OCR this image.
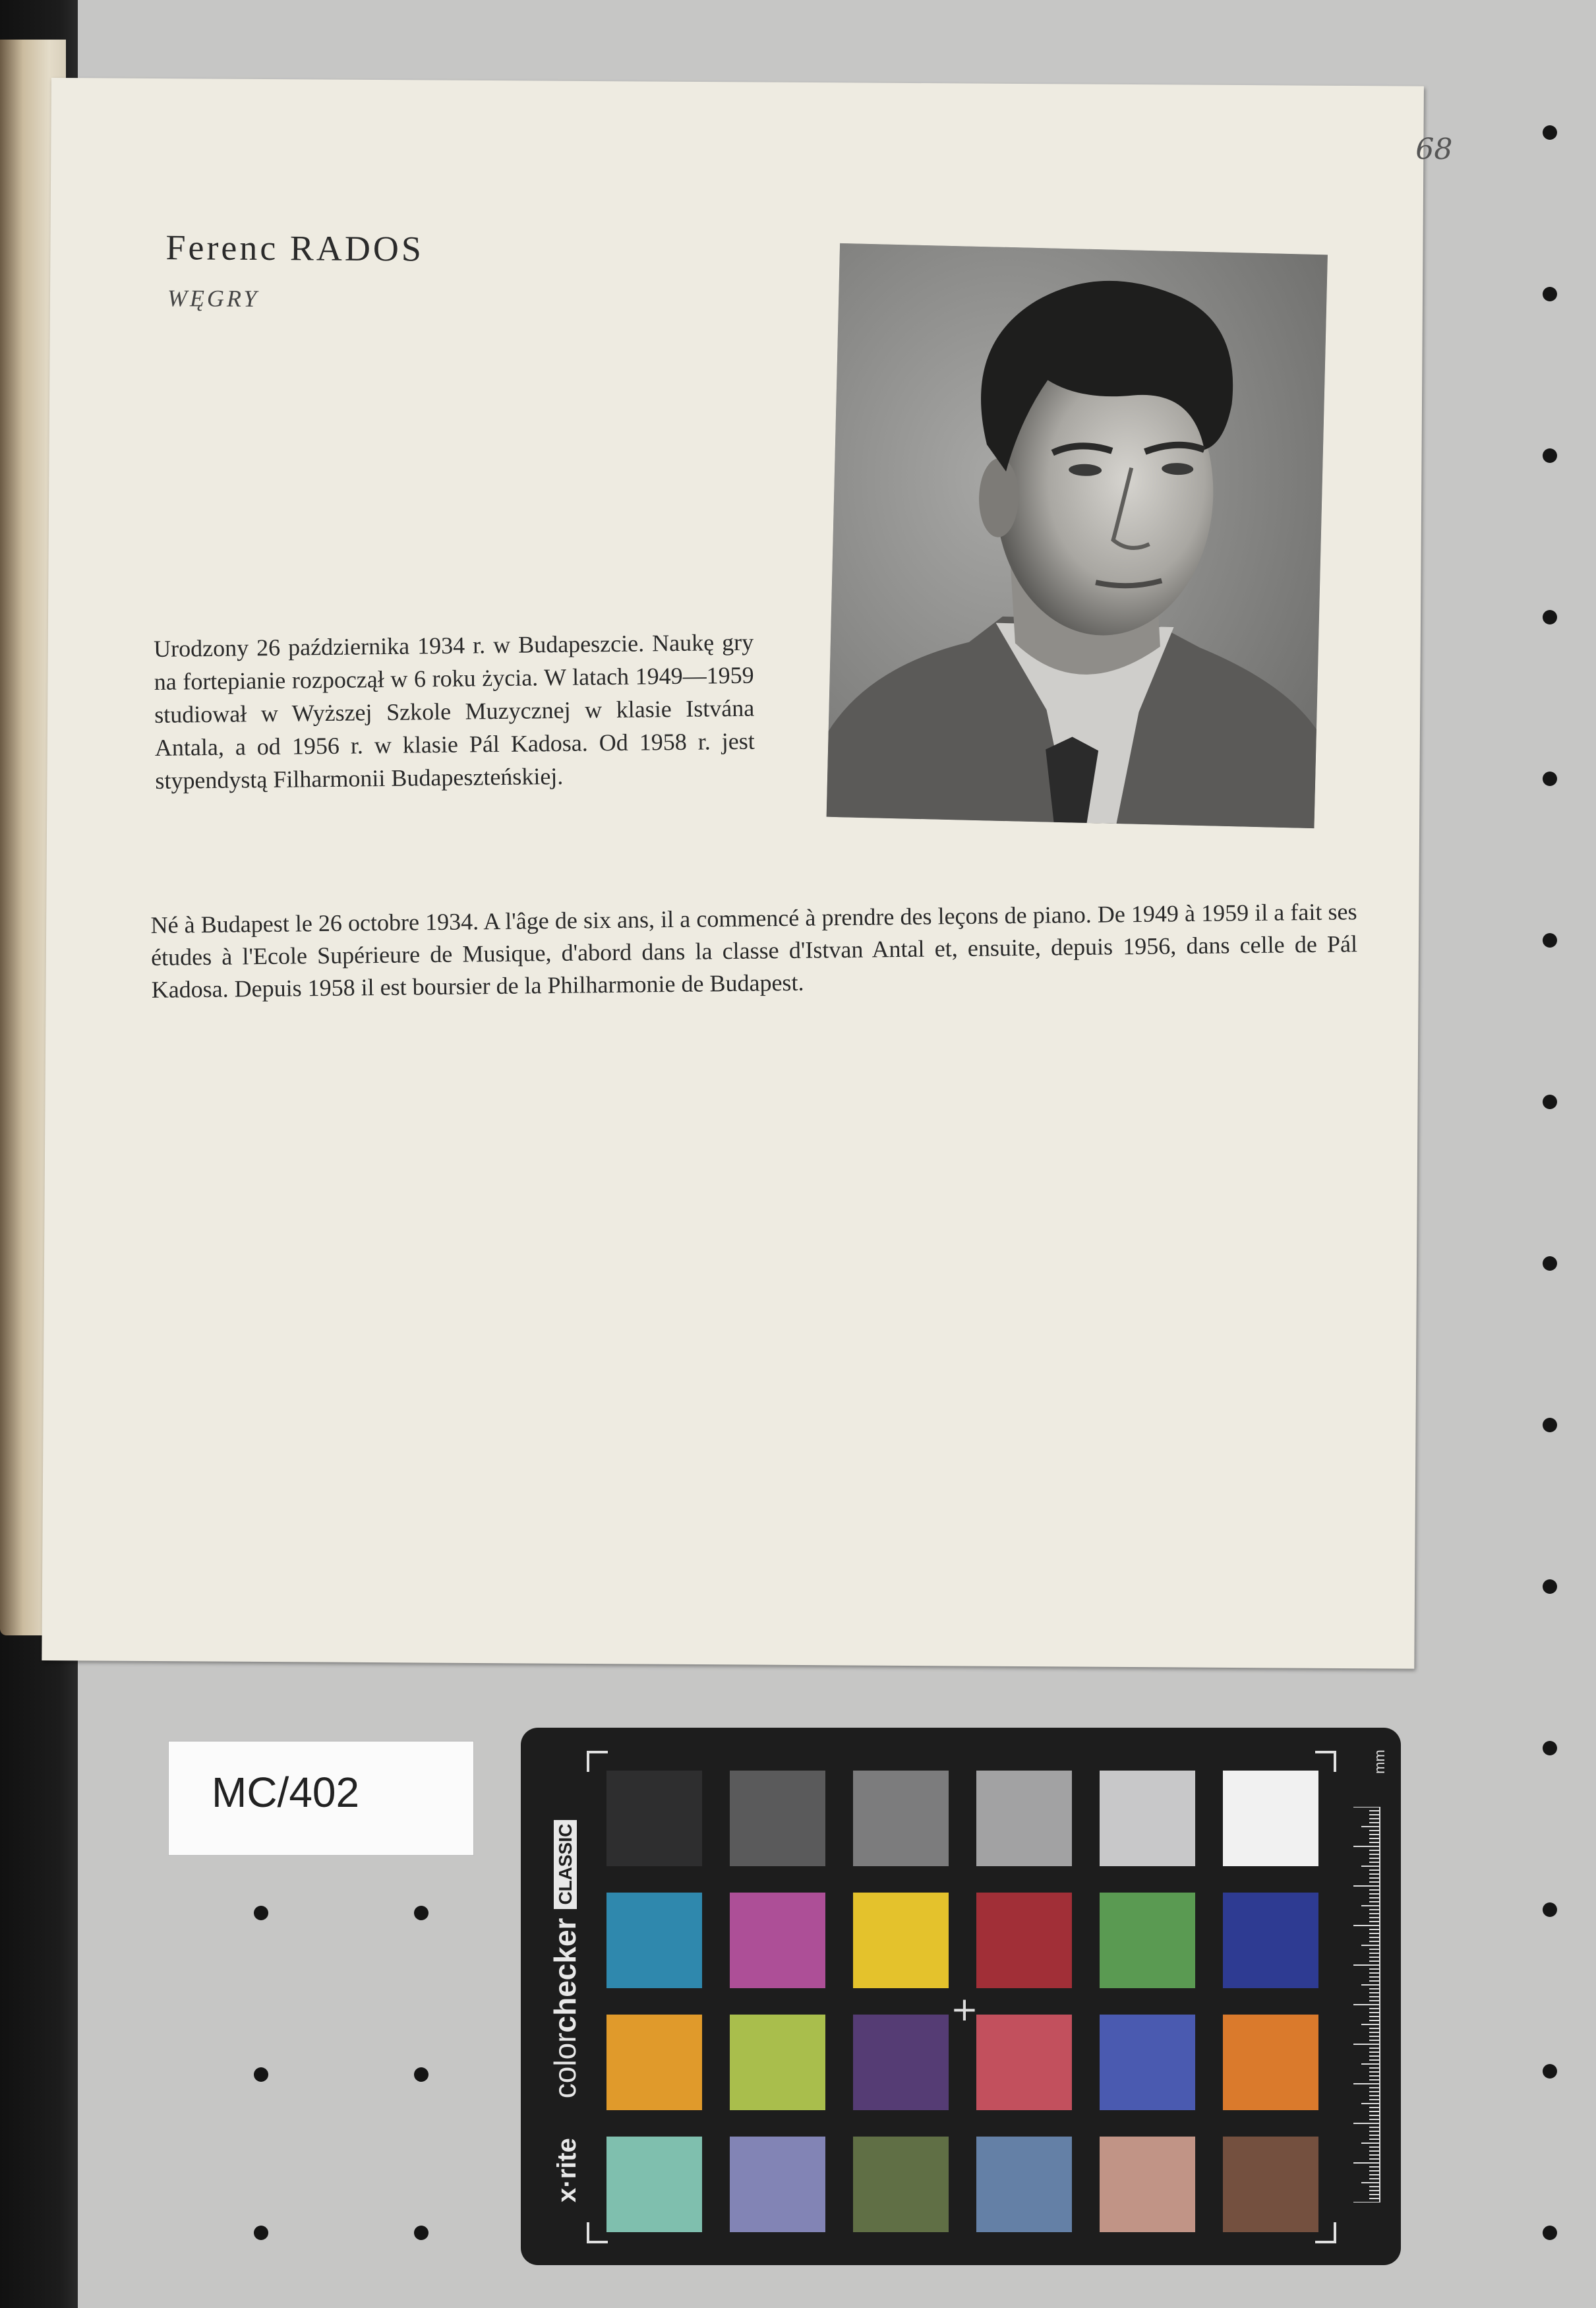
68
Ferenc RADOS
WĘGRY
Urodzony 26 października 1934 r. w Budapeszcie. Naukę gry na fortepianie rozpoczął w 6 roku życia. W latach 1949—1959 studiował w Wyższej Szkole Muzycznej w klasie Istvána Antala, a od 1956 r. w klasie Pál Kadosa. Od 1958 r. jest stypendystą Filharmonii Budapeszteńskiej.
Né à Budapest le 26 octobre 1934. A l'âge de six ans, il a commencé à prendre des leçons de piano. De 1949 à 1959 il a fait ses études à l'Ecole Supérieure de Musique, d'abord dans la classe d'Istvan Antal et, ensuite, depuis 1956, dans celle de Pál Kadosa. Depuis 1958 il est boursier de la Philharmonie de Budapest.
MC/402
x·ritecolorcheckerCLASSIC
+
mm
